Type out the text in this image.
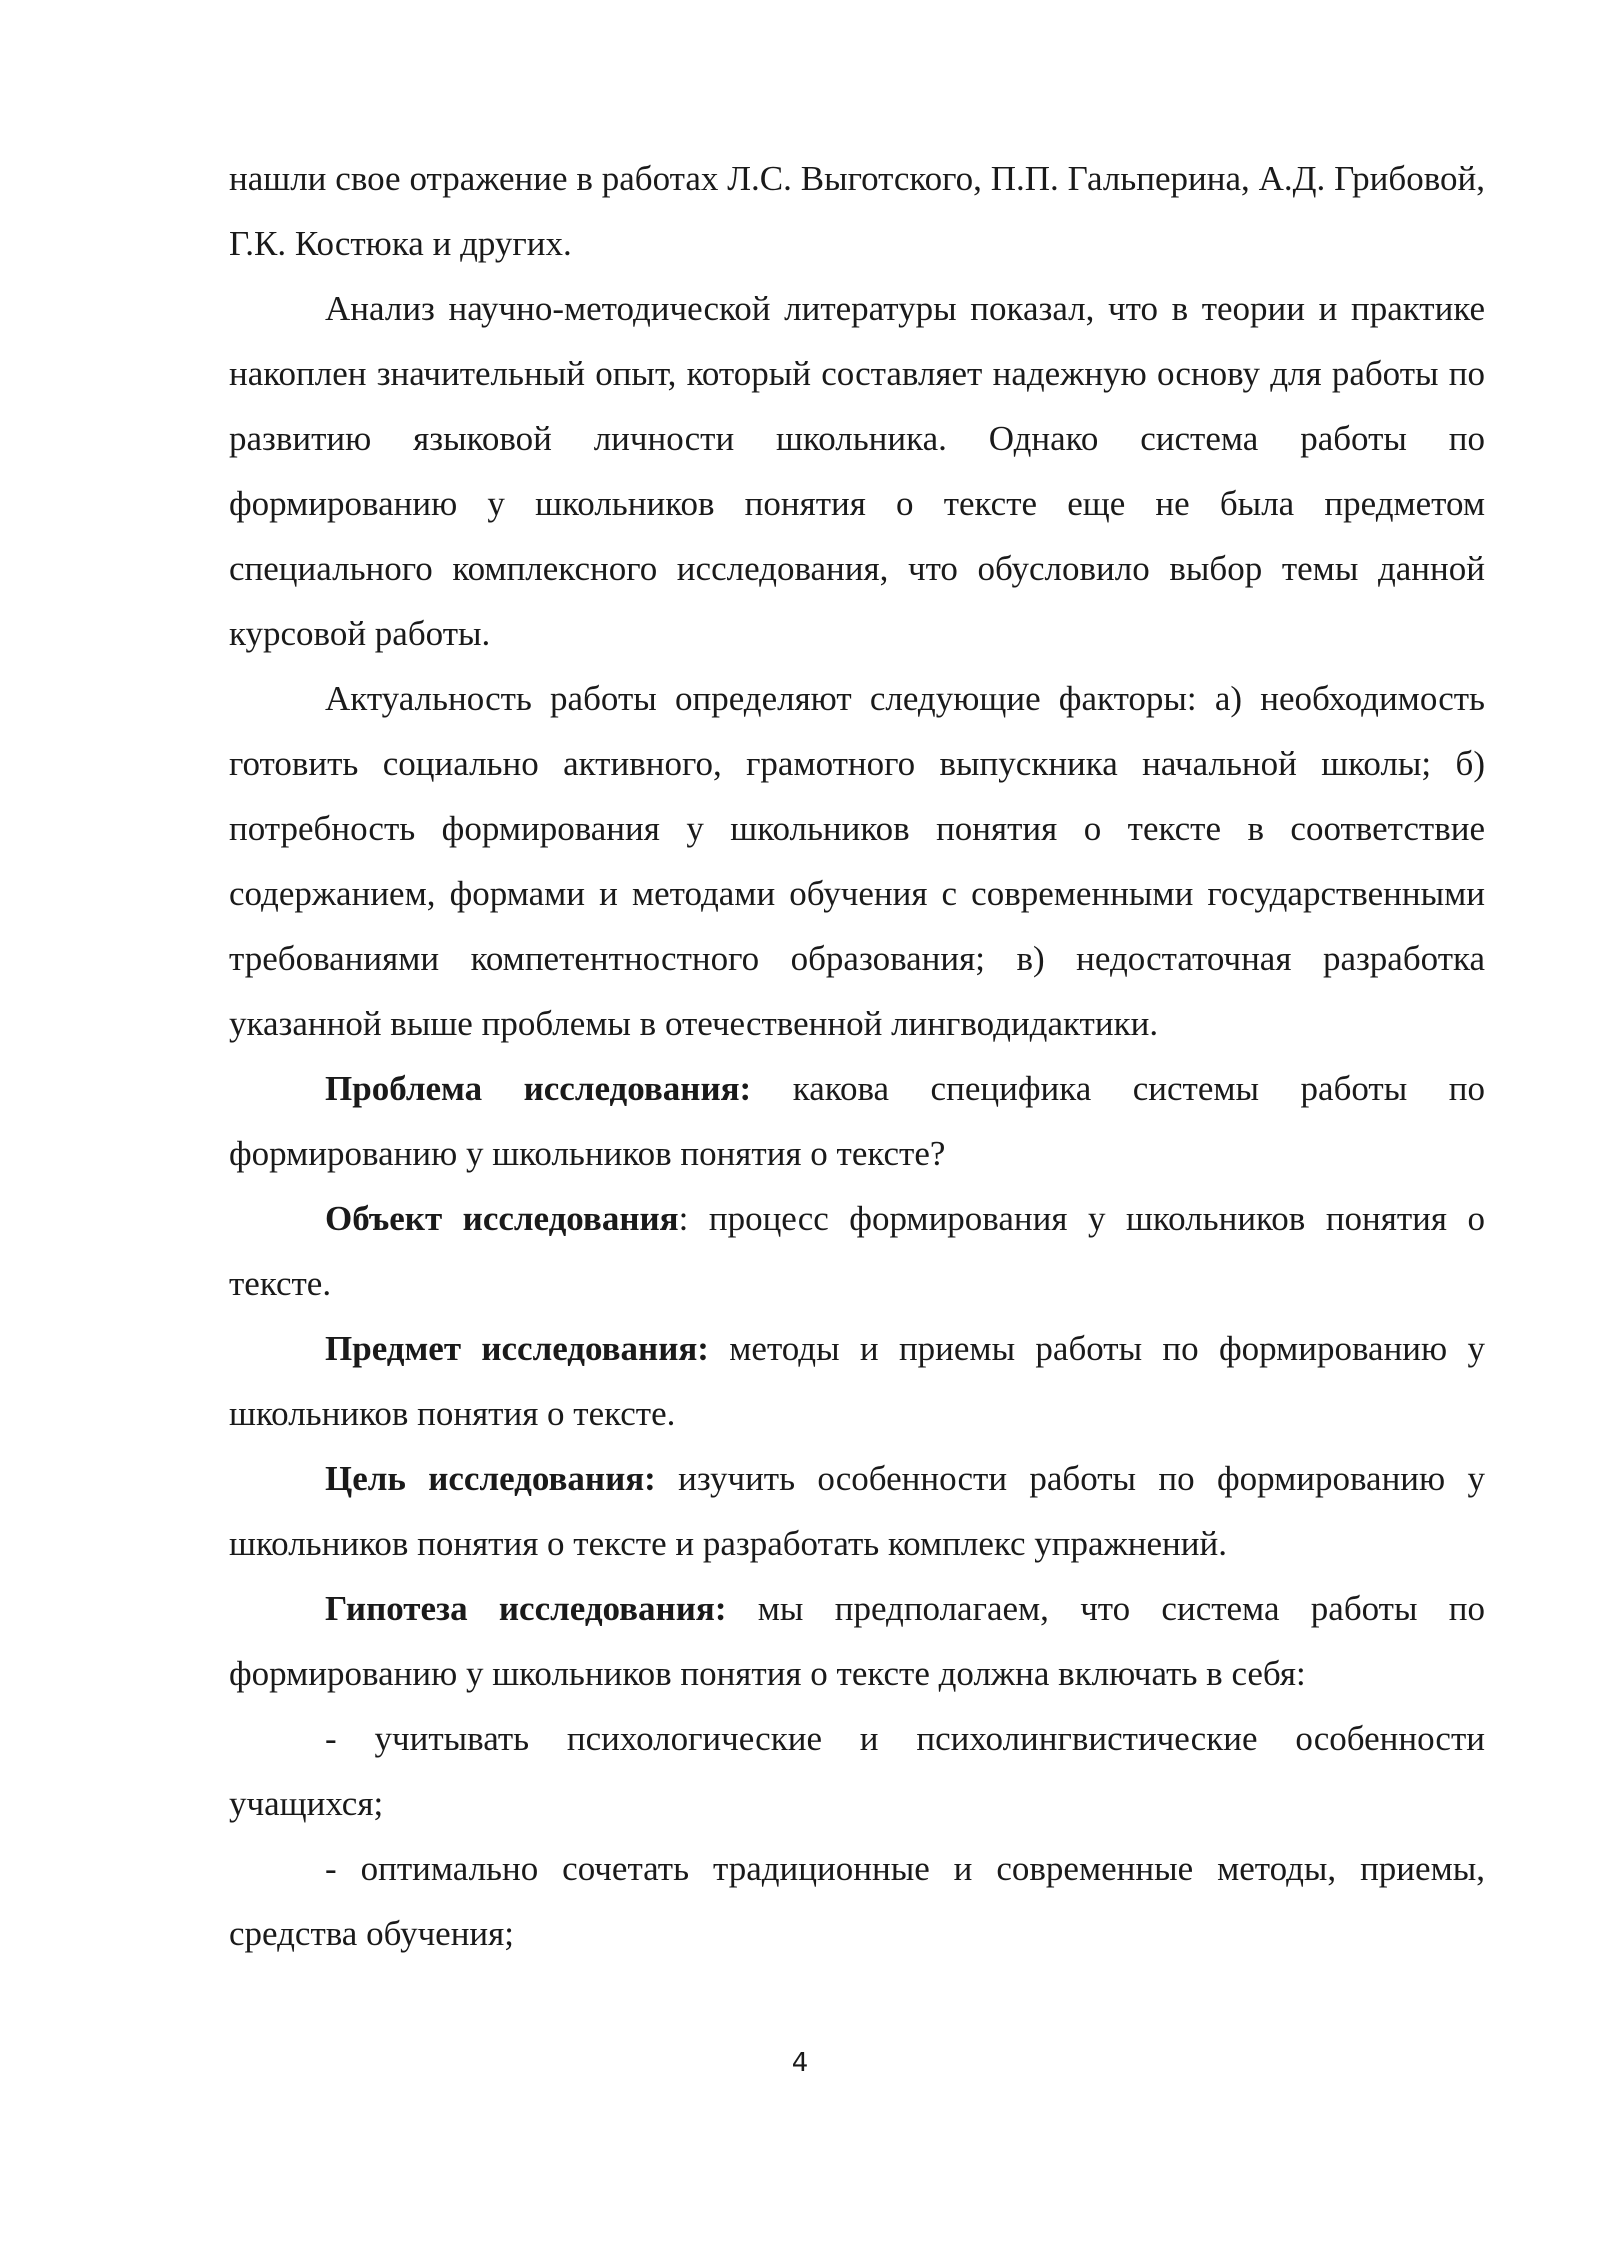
нашли свое отражение в работах Л.С. Выготского, П.П. Гальперина, А.Д. Грибовой, Г.К. Костюка и других.

Анализ научно-методической литературы показал, что в теории и практике накоплен значительный опыт, который составляет надежную основу для работы по развитию языковой личности школьника. Однако система работы по формированию у школьников понятия о тексте еще не была предметом специального комплексного исследования, что обусловило выбор темы данной курсовой работы.

Актуальность работы определяют следующие факторы: а) необходимость готовить социально активного, грамотного выпускника начальной школы; б) потребность формирования у школьников понятия о тексте в соответствие содержанием, формами и методами обучения с современными государственными требованиями компетентностного образования; в) недостаточная разработка указанной выше проблемы в отечественной лингводидактики.

Проблема исследования: какова специфика системы работы по формированию у школьников понятия о тексте?

Объект исследования: процесс формирования у школьников понятия о тексте.

Предмет исследования: методы и приемы работы по формированию у школьников понятия о тексте.

Цель исследования: изучить особенности работы по формированию у школьников понятия о тексте и разработать комплекс упражнений.

Гипотеза исследования: мы предполагаем, что система работы по формированию у школьников понятия о тексте должна включать в себя:

- учитывать психологические и психолингвистические особенности учащихся;

- оптимально сочетать традиционные и современные методы, приемы, средства обучения;

4
